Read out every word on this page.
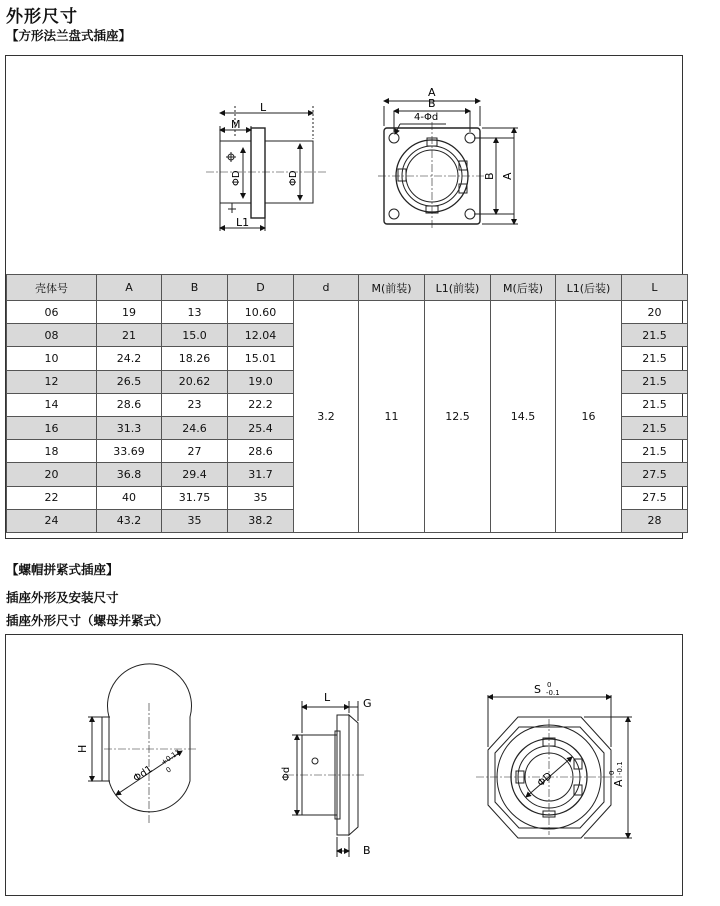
外形尺寸
【方形法兰盘式插座】
L
M
L1
ΦD	ΦD
A
B
4-Φd
B A
壳体号	A	B	D	d	M(前装)	L1(前装)	M(后装)	L1(后装)	L
06	19	13	10.60	3.2	11	12.5	14.5	16	20
08	21	15.0	12.04						21.5
10	24.2	18.26	15.01						21.5
12	26.5	20.62	19.0						21.5
14	28.6	23	22.2						21.5
16	31.3	24.6	25.4						21.5
18	33.69	27	28.6						21.5
20	36.8	29.4	31.7						27.5
22	40	31.75	35						27.5
24	43.2	35	38.2						28
【螺帽拼紧式插座】
插座外形及安装尺寸
插座外形尺寸（螺母并紧式）
H
Φd1
+0.12
0
L	G
Φd
B
S 0
-0.1
A
0 -0.1
ΦD
